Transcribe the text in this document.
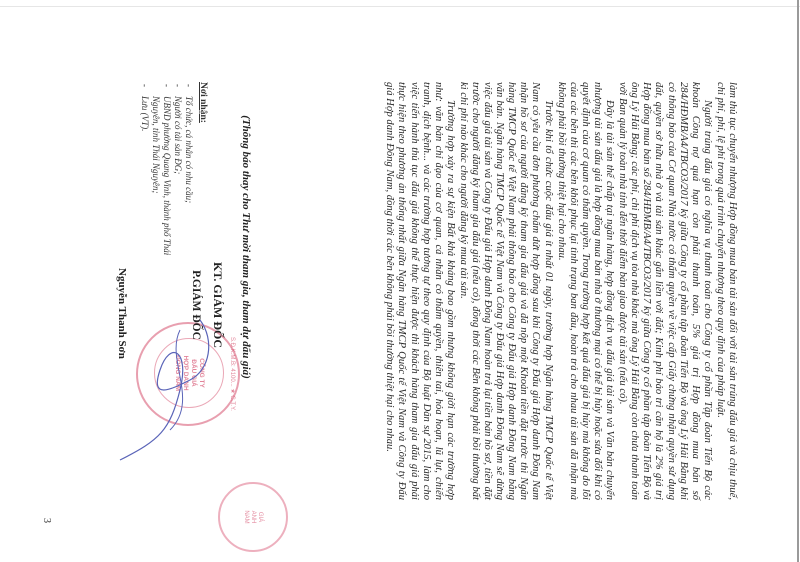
làm thủ tục chuyển nhượng Hợp đồng mua bán tài sản đối với tài sản trúng đấu giá và chịu thuế, chi phí, phí, lệ phí trong quá trình chuyển nhượng theo quy định của pháp luật.

Người trúng đấu giá có nghĩa vụ thanh toán cho Công ty cổ phần Tập đoàn Tiến Bộ các khoản Công nợ quá hạn còn phải thanh toán, 5% giá trị Hợp đồng mua bán số 284/HĐMB/A4/TBCO3/2017 ký giữa Công ty cổ phần tập đoàn Tiến Bộ và ông Lý Hải Bằng khi có thông báo của Cơ quan Nhà nước có thẩm quyền về việc cấp Giấy chứng nhận quyền sử dụng đất, quyền sở hữu nhà ở và tài sản khác gắn liền với đất; Kinh phí bảo trì căn hộ là 2% giá trị Hợp đồng mua bán số 284/HĐMB/A4/TBCO3/2017 ký giữa Công ty cổ phần tập đoàn Tiến Bộ và ông Lý Hải Bằng; các phí, chi phí dịch vụ tòa nhà khác mà ông Lý Hải Bằng còn chưa thanh toán với Ban quản lý toàn nhà tính đến thời điểm bàn giao được tài sản (nếu có).

Đây là tài sản thế chấp tại ngân hàng, hợp đồng dịch vụ đấu giá tài sản và Văn bản chuyển nhượng tài sản đấu giá là hợp đồng mua bán nhà ở thương mại có thể bị hủy hoặc sửa đổi khi có quyết định của cơ quan có thẩm quyền. Trong trường hợp kết quả đấu giá bị hủy mà không do lỗi của các bên thì các bên khôi phục lại tình trạng ban đầu, hoàn trả cho nhau tài sản đã nhận mà không phải bồi thường thiệt hại cho nhau.

Trước khi tổ chức cuộc đấu giá ít nhất 01 ngày, trường hợp Ngân hàng TMCP Quốc tế Việt Nam có yêu cầu đơn phương chấm dứt hợp đồng sau khi Công ty Đấu giá Hợp danh Đông Nam nhận hồ sơ của người đăng ký tham gia đấu giá và đã nộp một Khoản tiền đặt trước thì Ngân hàng TMCP Quốc tế Việt Nam phải thông báo cho Công ty Đấu giá Hợp danh Đông Nam bằng văn bản. Ngân hàng TMCP Quốc tế Việt Nam và Công ty Đấu giá Hợp danh Đông Nam sẽ dừng việc đấu giá tài sản và Công ty Đấu giá Hợp danh Đông Nam hoàn trả lại tiền bán hồ sơ, tiền đặt trước cho người đăng ký tham gia đấu giá (nếu có), đồng thời các Bên không phải bồi thường bất kì chi phí nào khác cho người đăng ký mua tài sản.

Trường hợp xảy ra sự kiện Bất khả kháng bao gồm nhưng không giới hạn các trường hợp như: văn bản chỉ đạo của cơ quan, cá nhân có thẩm quyền, thiên tai, hỏa hoạn, lũ lụt, chiến tranh, dịch bệnh... và các trường hợp tương tự theo quy định của Bộ luật Dân sự 2015, làm cho việc tiến hành thủ tục đấu giá không thể thực hiện được thì khách hàng tham gia đấu giá phải thực hiện theo phương án thống nhất giữa Ngân hàng TMCP Quốc tế Việt Nam và Công ty Đấu giá Hợp danh Đông Nam, đồng thời các bên không phải bồi thường thiệt hại cho nhau.

(Thông báo thay cho Thư mời tham gia, tham dự đấu giá)
Nơi nhận:
- Tổ chức, cá nhân có nhu cầu;
- Người có tài sản ĐG;
- UBND phường Quang Vinh, thành phố Thái Nguyên, tỉnh Thái Nguyên;
- Lưu (VT).
S.Đ.K.M.B: 4100... ★ C.T.Y.
CÔNG TY
ĐẤU GIÁ
HỢP DANH
ĐÔNG NAM
GIÁ
ANH
NAM
KT. GIÁM ĐỐC
P.GIÁM ĐỐC
Nguyễn Thanh Sơn
3
